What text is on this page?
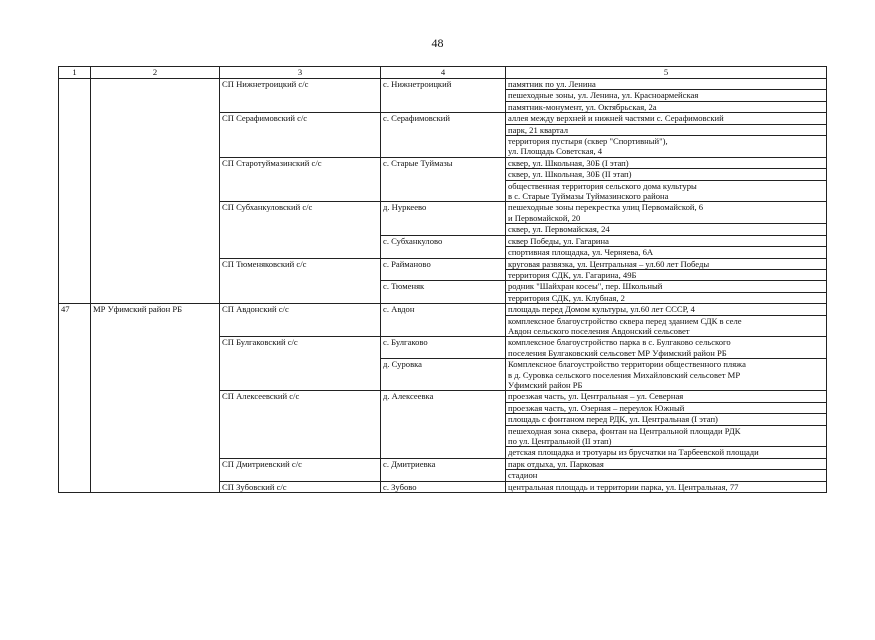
48
1	2	3	4	5
		СП Нижнетроицкий с/с	с. Нижнетроицкий	памятник по ул. Ленина

				пешеходные зоны, ул. Ленина, ул. Красноармейская

				памятник-монумент, ул. Октябрьская, 2а

		СП Серафимовский с/с	с. Серафимовский	аллея между верхней и нижней частями с. Серафимовский

				парк, 21 квартал

				территория пустыря (сквер "Спортивный"),
ул. Площадь Советская, 4

		СП Старотуймазинский с/с	с. Старые Туймазы	сквер, ул. Школьная, 30Б (I этап)

				сквер, ул. Школьная, 30Б (II этап)

				общественная территория сельского дома культуры
в с. Старые Туймазы Туймазинского района

		СП Субханкуловский с/с	д. Нуркеево	пешеходные зоны перекрестка улиц Первомайской, 6
и Первомайской, 20

				сквер, ул. Первомайская, 24

			с. Субханкулово	сквер Победы, ул. Гагарина

				спортивная площадка, ул. Черняева, 6А

		СП Тюменяковский с/с	с. Раймановo	круговая развязка, ул. Центральная – ул.60 лет Победы

				территория СДК, ул. Гагарина, 49Б

			с. Тюменяк	родник "Шайхран косеы", пер. Школьный

				территория СДК, ул. Клубная, 2

47	МР Уфимский район РБ	СП Авдонский с/с	с. Авдон	площадь перед Домом культуры, ул.60 лет СССР, 4

				комплексное благоустройство сквера перед зданием СДК в селе
Авдон сельского поселения Авдонский сельсовет

		СП Булгаковский с/с	с. Булгаково	комплексное благоустройство парка в с. Булгаково сельского
поселения Булгаковский сельсовет МР Уфимский район РБ

			д. Суровка	Комплексное благоустройство территории общественного пляжа
в д. Суровка сельского поселения Михайловский сельсовет МР
Уфимский район РБ

		СП Алексеевский с/с	д. Алексеевка	проезжая часть, ул. Центральная – ул. Северная

				проезжая часть, ул. Озерная – переулок Южный

				площадь с фонтаном перед РДК, ул. Центральная (I этап)

				пешеходная зона сквера, фонтан на Центральной площади РДК
по ул. Центральной (II этап)

				детская площадка и тротуары из брусчатки на Тарбеевской площади

		СП Дмитриевский с/с	с. Дмитриевка	парк отдыха, ул. Парковая

				стадион

		СП Зубовский с/с	с. Зубово	центральная площадь и территории парка, ул. Центральная, 77
